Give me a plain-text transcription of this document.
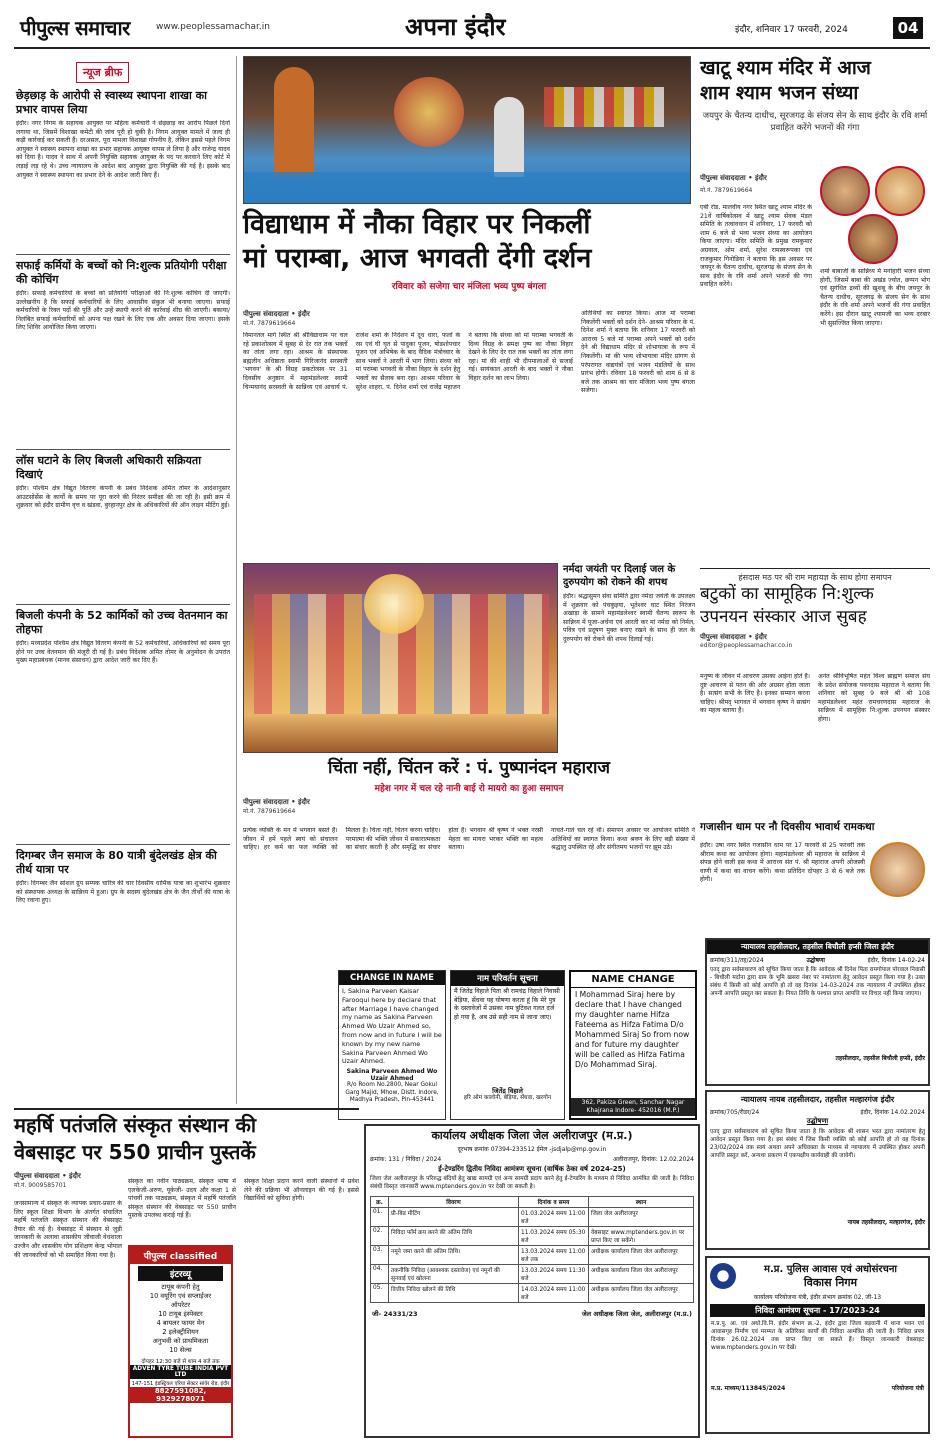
पीपुल्स समाचार	www.peoplessamachar.in	अपना इंदौर	इंदौर, शनिवार 17 फरवरी, 2024	04
न्यूज ब्रीफ
छेड़छाड़ के आरोपी से स्वास्थ्य स्थापना शाखा का प्रभार वापस लिया
इंदौर। नगर निगम के सहायक आयुक्त पर महिला कर्मचारी ने छेड़छाड़ का आरोप पिछले दिनों लगाया था, जिसमें विशाखा कमेटी की जांच पूरी हो चुकी है। निगम आयुक्त मामले में जल्द ही कड़ी कार्रवाई कर सकती हैं। दरअसल, पूरा मामला विशाखा गोपनीय है, लेकिन इससे पहले निगम आयुक्त ने स्वास्थ्य स्थापना शाखा का प्रभार सहायक आयुक्त वापस ले लिया है और राजेन्द्र यादव को दिया है। यादव ने साथ में अपनी नियुक्ति सहायक आयुक्त के पद पर करवाने लिए कोर्ट में लड़ाई लड़ रहे थे। उच्च न्यायालय के आदेश बाद आयुक्त द्वारा नियुक्ति की गई है। इसके बाद आयुक्त ने स्वास्थ्य स्थापना का प्रभार देने के आदेश जारी किए हैं।
सफाई कर्मियों के बच्चों को नि:शुल्क प्रतियोगी परीक्षा की कोचिंग
इंदौर। सफाई कर्मचारियों के बच्चों को प्रतियोगी परीक्षाओं की नि:शुल्क कोचिंग दी जाएगी। उल्लेखनीय है कि सफाई कर्मचारियों के लिए आवासीय संकुल भी बनाया जाएगा। सफाई कर्मचारियों के रिक्त पदों की पूर्ति और उन्हें स्थायी करने की कार्रवाई शीघ्र की जाएगी। बकाया/निलंबित सफाई कर्मचारियों को अपना पक्ष रखने के लिए एक और अवसर दिया जाएगा। इसके लिए शिविर आयोजित किया जाएगा।
लॉस घटाने के लिए बिजली अधिकारी सक्रियता दिखाएं
इंदौर। पश्चिम क्षेत्र विद्युत वितरण कंपनी के प्रबंध निदेशक अमित तोमर के आदेशानुसार आउटसोर्सेस के कार्यों के समय पर पूरा करने की निरंतर समीक्षा की जा रही है। इसी क्रम में शुक्रवार को इंदौर ग्रामीण वृत्त व खंडवा, बुरहानपुर क्षेत्र के अधिकारियों की ऑन लाइन मीटिंग हुई।
बिजली कंपनी के 52 कार्मिकों को उच्च वेतनमान का तोहफा
इंदौर। मध्यप्रदेश पश्चिम क्षेत्र विद्युत वितरण कंपनी के 52 कर्मचारियों, अधिकारियों को समय पूरा होने पर उच्च वेतनमान की मंजूरी दी गई है। प्रबंध निदेशक अमित तोमर के अनुमोदन के उपरांत मुख्य महाप्रबंधक (मानव संसाधन) द्वारा आदेश जारी कर दिए हैं।
दिगम्बर जैन समाज के 80 यात्री बुंदेलखंड क्षेत्र की तीर्थ यात्रा पर
इंदौर। दिगम्बर जैन सोशल ग्रुप सम्यक चारित्र की चार दिवसीय धार्मिक यात्रा का शुभारंभ शुक्रवार को संस्थापक अध्यक्ष के सान्निध्य में हुआ। ग्रुप के सदस्य बुंदेलखंड क्षेत्र के जैन तीर्थों की यात्रा के लिए रवाना हुए।
खाटू श्याम मंदिर में आज
शाम श्याम भजन संध्या
जयपुर के चैतन्य दाधीच, सूरजगढ़ के संजय सेन के साथ इंदौर के रवि शर्मा प्रवाहित करेंगे भजनों की गंगा
पीपुल्स संवाददाता • इंदौर
मो.नं. 7879619664
एबी रोड, मालवीय नगर स्थित खाटू श्याम मंदिर के 21वें वार्षिकोत्सव में खाटू श्याम सेवक मंडल समिति के तत्वावधान में शनिवार, 17 फरवरी को शाम 6 बजे से भव्य भजन संध्या का आयोजन किया जाएगा। मंदिर समिति के प्रमुख रामकुमार अग्रवाल, ओम शर्मा, सुरेश रामस्वरूपका एवं राजकुमार गिनोडिया ने बताया कि इस अवसर पर जयपुर के चैतन्य दाधीच, सूरजगढ़ के संजय सेन के साथ इंदौर के रवि शर्मा अपने भजनों की गंगा प्रवाहित करेंगे।
शर्मा बाबाजी के सान्निध्य में मनोहारी भजन संध्या होगी, जिसमें बाबा की अखंड ज्योत, छप्पन भोग एवं सुगंधित द्रव्यों की खुशबू के बीच जयपुर के चैतन्य दाधीच, सूरजगढ़ के संजय सेन के साथ इंदौर के रवि शर्मा अपने भजनों की गंगा प्रवाहित करेंगे। इस दौरान खाटू श्यामजी का भव्य दरबार भी सुसज्जित किया जाएगा।
विद्याधाम में नौका विहार पर निकलीं
मां पराम्बा, आज भगवती देंगी दर्शन
रविवार को सजेगा चार मंजिला भव्य पुष्प बंगला
पीपुल्स संवाददाता • इंदौर
मो.नं. 7879619664
विमानतल मार्ग स्थित श्री श्रीविद्याधाम पर चल रहे प्रकाशोत्सव में सुबह से देर रात तक भक्तों का तांता लगा रहा। आश्रम के संस्थापक ब्रह्मलीन अधिष्ठाता स्वामी गिरिजानंद सरस्वती 'भगवन' के श्री विग्रह प्रकटोत्सव पर 31 दिवसीय अनुष्ठान में महामंडलेश्वर स्वामी चिन्मयानंद सरस्वती के सान्निध्य एवं आचार्य पं. राजेश शर्मा के निर्देशन में दूध धारा, फलों के रस एवं घी घृत से पादुका पूजन, षोडशोपचार पूजन एवं अभिषेक के बाद वैदिक मंत्रोच्चार के साथ भक्तों ने आरती में भाग लिया। संध्या को मां पराम्बा भगवती के नौका विहार के दर्शन हेतु भक्तों का सैलाब बना रहा। आश्रम परिवार के सुरेश शाहरा, पं. दिनेश शर्मा एवं राजेंद्र महाजन ने बताया कि संध्या को मां पराम्बा भगवती के दिव्य विग्रह के समक्ष पुष्प का नौका विहार देखने के लिए देर रात तक भक्तों का तांता लगा रहा। मां की शाही भी दीपमालाओं से सजाई गई। सायंकाल आरती के बाद भक्तों ने नौका विहार दर्शन का लाभ लिया।
अतिथियों का स्वागत किया। आज मां पराम्बा निकलेंगी भक्तों को दर्शन देने- आश्रम परिवार के पं. दिनेश शर्मा ने बताया कि शनिवार 17 फरवरी को आराध्य 5 बजे मां पराम्बा अपने भक्तों को दर्शन देने श्री विद्याधाम मंदिर से शोभायात्रा के रूप में निकलेंगी। मां की भव्य शोभायात्रा मंदिर प्रांगण से परंपरागत वाद्ययंत्रों एवं भजन मंडलियों के साथ प्रारंभ होगी। रविवार 18 फरवरी को शाम 6 से 8 बजे तक आश्रम का चार मंजिला भव्य पुष्प बंगला सजेगा।
हंसदास मठ पर श्री राम महायज्ञ के साथ होगा समापन
बटुकों का सामूहिक नि:शुल्क
उपनयन संस्कार आज सुबह
पीपुल्स संवाददाता • इंदौर
editor@peoplessamachar.co.in
मनुष्य के जीवन में आचरण उसका आईना होते हैं। दुष्ट आचरण से पतन की ओर अग्रसर होता जाता है। सत्संग सभी के लिए है। इनका सम्मान करना चाहिए। श्रीमद् भागवत में भगवान कृष्ण ने सत्संग का महत्व बताया है।
अनंत श्रीविभूषित महंत विश्व ब्राह्मण समाज संघ के प्रदेश संयोजक पवनदास महाराज ने बताया कि शनिवार को सुबह 9 बजे श्री श्री 108 महामंडलेश्वर महंत रामचरणदास महाराज के सान्निध्य में सामूहिक नि:शुल्क उपनयन संस्कार होगा।
नर्मदा जयंती पर दिलाई जल के दुरुपयोग को रोकने की शपथ
इंदौर। श्रद्धासुमन सेवा समिति द्वारा नर्मदा जयंती के उपलक्ष्य में शुक्रवार को पंचकुइया, भूतेश्वर घाट स्थित निरंजन अखाड़ा के सामने महामंडलेश्वर स्वामी चैतन्य स्वरूप के सान्निध्य में पूजा-अर्चना एवं आरती कर मां नर्मदा को निर्मल, पवित्र एवं प्रदूषण मुक्त बनाए रखने के साथ ही जल के दुरुपयोग को रोकने की शपथ दिलाई गई।
चिंता नहीं, चिंतन करें : पं. पुष्पानंदन महाराज
महेश नगर में चल रहे नानी बाई रो मायरो का हुआ समापन
पीपुल्स संवाददाता • इंदौर
मो.नं. 7879619664
प्रत्येक व्यक्ति के मन में भगवान बसते हैं। जीवन में हमें पहले स्वयं को संचालन चाहिए। हर कर्म का फल व्यक्ति को मिलता है। चिंता नहीं, चिंतन करना चाहिए। परमात्मा की भक्ति जीवन में सकारात्मकता का संचार करती है और समृद्धि का संचार होता है। भगवान श्री कृष्ण ने भक्त नरसी मेहता का मायरा भरकर भक्ति का महत्व बताया।
नाचते-गाते चल रहे थी। समापन अवसर पर आयोजन समिति ने अतिथियों का स्वागत किया। कथा श्रवण के लिए बड़ी संख्या में श्रद्धालु उपस्थित रहे और संगीतमय भजनों पर झूम उठे।
गजासीन धाम पर नौ दिवसीय भावार्थ रामकथा
इंदौर। उषा नगर स्थित गजासीन धाम पर 17 फरवरी से 25 फरवरी तक श्रीराम कथा का आयोजन होगा। महामंडलेश्वर श्री महाराज के सान्निध्य में संपन्न होने वाली इस कथा में आराध्य संत पं. श्री महाराज अपनी ओजस्वी वाणी में कथा का वाचन करेंगे। कथा प्रतिदिन दोपहर 3 से 6 बजे तक होगी।
CHANGE IN NAME
I, Sakina Parveen Kaisar Farooqui here by declare that after Marriage I have changed my name as Sakina Parveen Ahmed Wo Uzair Ahmed so, from now and in future I will be known by my new name Sakina Parveen Ahmed Wo Uzair Ahmed.
Sakina Parveen Ahmed Wo Uzair Ahmed
R/o Room No.2800, Near Gokul Garg Majid, Mhow, Distt. Indore, Madhya Pradesh, Pin-453441
नाम परिवर्तन सूचना
मैं जितेंद्र विहाले पिता श्री रामचंद्र विहाले निवासी बेड़िया, सेंधवा यह घोषणा करता हूं कि मेरे पुत्र के दस्तावेजों में उसका नाम त्रुटिवश गलत दर्ज हो गया है, अब उसे सही नाम से जाना जाए।
जितेंद्र विहाले
हरि ओम कालोनी, बेड़िया, सेंधवा, खरगोन
NAME CHANGE
I Mohammad Siraj here by declare that I have changed my daughter name Hifza Fateema as Hifza Fatima D/o Mohammed Siraj So from now and for future my daughter will be called as Hifza Fatima D/o Mohammad Siraj.
362, Pakiza Green, Sanchar Nagar Khajrana Indore- 452016 (M.P.)
न्यायालय तहसीलदार, तहसील बिचौली हप्सी जिला इंदौर
क्रमांक/311/तह/2024	उद्घोषणा	इंदौर, दिनांक 14-02-24
एतद् द्वारा सर्वसाधारण को सूचित किया जाता है कि आवेदक श्री दिनेश पिता रामगोपाल पोरवाल निवासी - बिचौली मर्दाना द्वारा ग्राम के भूमि खसरा नंबर पर नामांतरण हेतु आवेदन प्रस्तुत किया गया है। उक्त संबंध में किसी को कोई आपत्ति हो तो वह दिनांक 14-03-2024 तक न्यायालय में उपस्थित होकर अपनी आपत्ति प्रस्तुत कर सकता है। नियत तिथि के पश्चात प्राप्त आपत्ति पर विचार नहीं किया जाएगा।
तहसीलदार, तहसील बिचौली हप्सी, इंदौर
न्यायालय नायब तहसीलदार, तहसील मल्हारगंज इंदौर
क्रमांक/705/रीडर/24	इंदौर, दिनांक 14.02.2024
उद्घोषणा
एतद् द्वारा सर्वसाधारण को सूचित किया जाता है कि आवेदक श्री शासन भरत द्वारा नामांतरण हेतु आवेदन प्रस्तुत किया गया है। इस संबंध में जिस किसी व्यक्ति को कोई आपत्ति हो तो वह दिनांक 23/02/2024 तक स्वयं अथवा अपने अधिवक्ता के माध्यम से न्यायालय में उपस्थित होकर अपनी आपत्ति प्रस्तुत करें, अन्यथा प्रकरण में एकपक्षीय कार्यवाही की जावेगी।
नायब तहसीलदार, मल्हारगंज, इंदौर
म.प्र. पुलिस आवास एवं अधोसंरचना
विकास निगम
कार्यालय परियोजना यंत्री, इंदौर संभाग क्रमांक 02, जी-13
निविदा आमंत्रण सूचना - 17/2023-24
म.प्र.पु. आ. एवं अधो.वि.नि. इंदौर संभाग क्र.-2, इंदौर द्वारा जिला बड़वानी में थाना भवन एवं आवासगृह निर्माण एवं मरम्मत के अतिरिक्त कार्यों की निविदा आमंत्रित की जाती है। निविदा प्रपत्र दिनांक 26.02.2024 तक प्राप्त किए जा सकते हैं। विस्तृत जानकारी वेबसाइट www.mptenders.gov.in पर देखें।
म.प्र. माध्यम/113845/2024	परियोजना यंत्री
महर्षि पतंजलि संस्कृत संस्थान की
वेबसाइट पर 550 प्राचीन पुस्तकें
पीपुल्स संवाददाता • इंदौर
मो.नं. 9009585701
जनसामान्य में संस्कृत के व्यापक प्रचार-प्रसार के लिए स्कूल शिक्षा विभाग के अंतर्गत संचालित महर्षि पतंजलि संस्कृत संस्थान की वेबसाइट तैयार की गई है। वेबसाइट में संस्थान से जुड़ी जानकारी के अलावा शासकीय जीवाजी वेधशाला उज्जैन और शासकीय योग प्रशिक्षण केन्द्र भोपाल की जानकारियों को भी समाहित किया गया है।
संस्कृत का नवीन पाठ्यक्रम, संस्कृत भाषा में एलकेजी-अरुण, यूकेजी- उदय और कक्षा 1 से पांचवीं तक पाठ्यक्रम, संस्कृत में महर्षि पतंजलि संस्कृत संस्थान की वेबसाइट पर 550 प्राचीन पुस्तकें उपलब्ध कराई गई हैं।
संस्कृत शिक्षा प्रदान करने वाली संस्थानों में प्रवेश लेने की प्रक्रिया भी ऑनलाइन की गई है। इससे विद्यार्थियों को सुविधा होगी।
पीपुल्स classified
इंटरव्यू
टायूब कंपनी हेतु
10 वयूरिंग एवं सप्लाईजर
ऑपरेटर
10 टायूब इंस्पेक्टर
4 बायलर फायर मेन
2 इलेक्ट्रीशियन
अनुभवी को प्राथमिकता
10 सेल्स
दोपहर 12:30 बजे से शाम 4 बजे तक
ADVEN TYRE TUBE INDIA PVT LTD
147-151 इंडस्ट्रियल एरिया सेक्टर सांवेर रोड, इंदौर
8827591082, 9329278071
कार्यालय अधीक्षक जिला जेल अलीराजपुर (म.प्र.)
दूरभाष क्रमांक 07394-233512 ईमेल -jsdjalp@mp.gov.in
क्रमांक: 131 / निविदा / 2024	अलीराजपुर, दिनांक: 12.02.2024
ई-टेण्डरिंग द्वितीय निविदा आमंत्रण सूचना (वार्षिक ठेका वर्ष 2024-25)
जिला जेल अलीराजपुर के परिरुद्ध बंदियों हेतु खाद्य सामग्री एवं अन्य सामग्री प्रदाय करने हेतु ई-टेण्डरिंग के माध्यम से निविदा आमंत्रित की जाती है। निविदा संबंधी विस्तृत जानकारी www.mptenders.gov.in पर देखी जा सकती है।
क्र.	विवरण	दिनांक व समय	स्थान
01.	प्री-बिड मीटिंग	01.03.2024 समय 11:00 बजे	जिला जेल अलीराजपुर
02.	निविदा फॉर्म क्रय करने की अंतिम तिथि	11.03.2024 समय 05:30 बजे	वेबसाइट www.mptenders.gov.in पर प्राप्त किए जा सकेंगे।
03.	नमूने जमा करने की अंतिम तिथि।	13.03.2024 समय 11:00 बजे तक	अधीक्षक कार्यालय जिला जेल अलीराजपुर
04.	तकनीकि निविदा (आवश्यक दस्तावेज) एवं नमूनों की सुनवाई एवं खोलना	13.03.2024 समय 11:30 बजे	अधीक्षक कार्यालय जिला जेल अलीराजपुर
05.	वित्तीय निविदा खोलने की तिथि	14.03.2024 समय 11:00 बजे	अधीक्षक कार्यालय जिला जेल अलीराजपुर
जी- 24331/23	जेल अधीक्षक जिला जेल, अलीराजपुर (म.प्र.)
